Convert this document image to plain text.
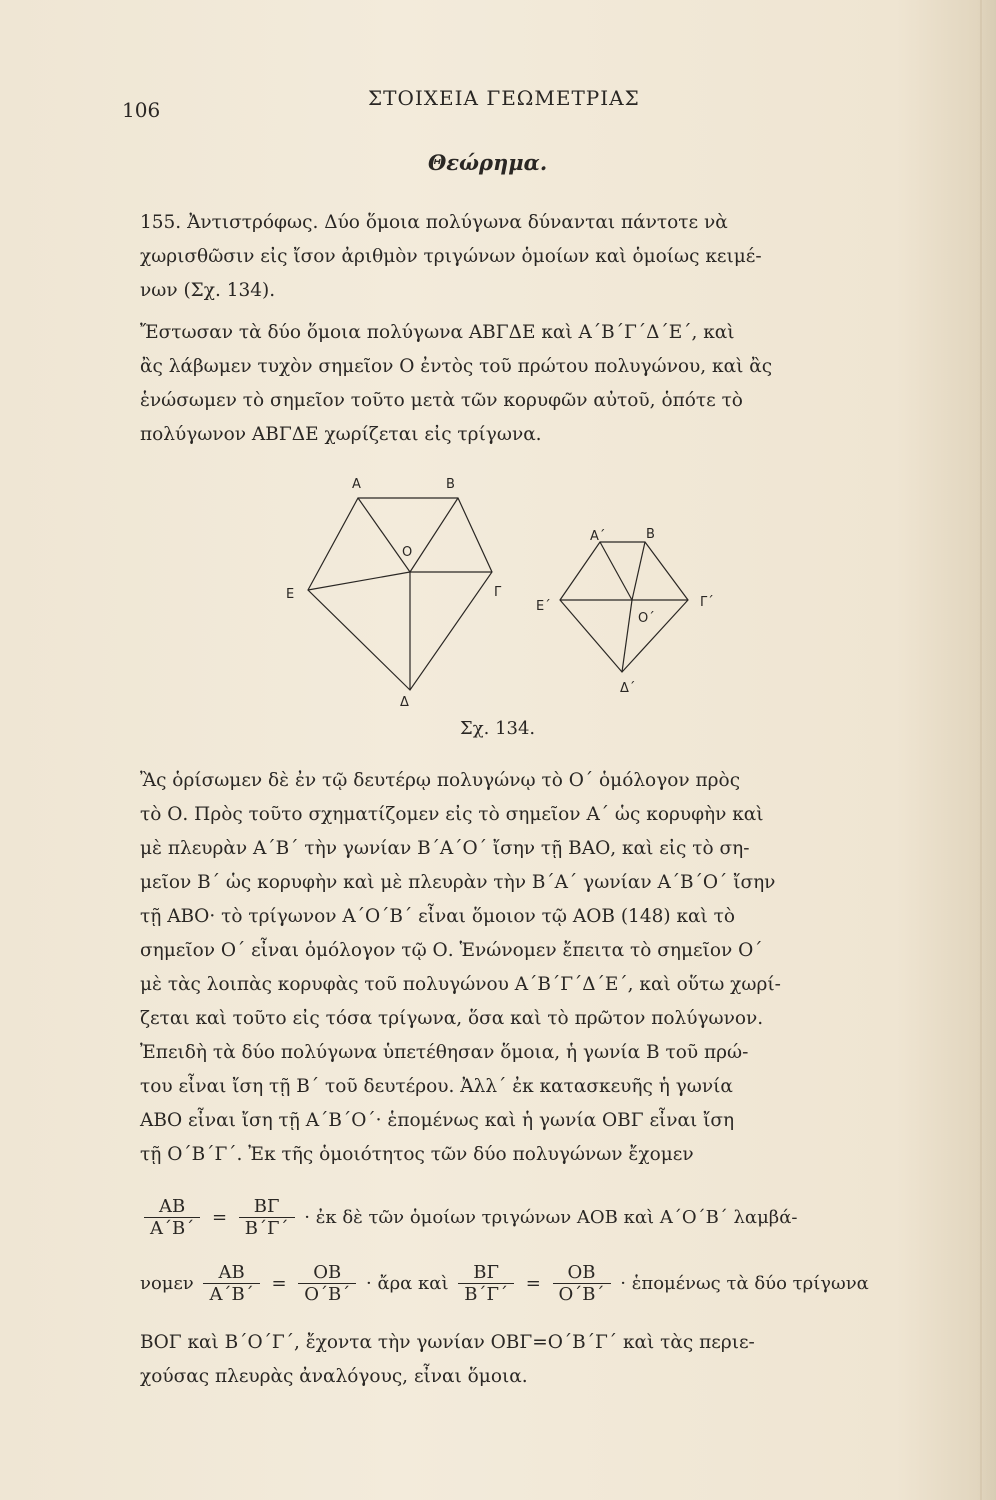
106	ΣΤΟΙΧΕΙΑ ΓΕΩΜΕΤΡΙΑΣ
Θεώρημα.
155. Ἀντιστρόφως. Δύο ὅμοια πολύγωνα δύνανται πάντοτε νὰ
χωρισθῶσιν εἰς ἴσον ἀριθμὸν τριγώνων ὁμοίων καὶ ὁμοίως κειμέ-
νων (Σχ. 134).
Ἔστωσαν τὰ δύο ὅμοια πολύγωνα ΑΒΓΔΕ καὶ Α΄Β΄Γ΄Δ΄Ε΄, καὶ
ἂς λάβωμεν τυχὸν σημεῖον Ο ἐντὸς τοῦ πρώτου πολυγώνου, καὶ ἂς
ἑνώσωμεν τὸ σημεῖον τοῦτο μετὰ τῶν κορυφῶν αὐτοῦ, ὁπότε τὸ
πολύγωνον ΑΒΓΔΕ χωρίζεται εἰς τρίγωνα.
Α	Β
Ο
Ε	Γ
Δ
Α΄	Β
Ε΄
Ο΄
Γ΄
Δ΄
Σχ. 134.
Ἂς ὁρίσωμεν δὲ ἐν τῷ δευτέρῳ πολυγώνῳ τὸ Ο΄ ὁμόλογον πρὸς
τὸ Ο. Πρὸς τοῦτο σχηματίζομεν εἰς τὸ σημεῖον Α΄ ὡς κορυφὴν καὶ
μὲ πλευρὰν Α΄Β΄ τὴν γωνίαν Β΄Α΄Ο΄ ἴσην τῇ ΒΑΟ, καὶ εἰς τὸ ση-
μεῖον Β΄ ὡς κορυφὴν καὶ μὲ πλευρὰν τὴν Β΄Α΄ γωνίαν Α΄Β΄Ο΄ ἴσην
τῇ ΑΒΟ· τὸ τρίγωνον Α΄Ο΄Β΄ εἶναι ὅμοιον τῷ ΑΟΒ (148) καὶ τὸ
σημεῖον Ο΄ εἶναι ὁμόλογον τῷ Ο. Ἑνώνομεν ἔπειτα τὸ σημεῖον Ο΄
μὲ τὰς λοιπὰς κορυφὰς τοῦ πολυγώνου Α΄Β΄Γ΄Δ΄Ε΄, καὶ οὕτω χωρί-
ζεται καὶ τοῦτο εἰς τόσα τρίγωνα, ὅσα καὶ τὸ πρῶτον πολύγωνον.
Ἐπειδὴ τὰ δύο πολύγωνα ὑπετέθησαν ὅμοια, ἡ γωνία Β τοῦ πρώ-
του εἶναι ἴση τῇ Β΄ τοῦ δευτέρου. Ἀλλ΄ ἐκ κατασκευῆς ἡ γωνία
ΑΒΟ εἶναι ἴση τῇ Α΄Β΄Ο΄· ἑπομένως καὶ ἡ γωνία ΟΒΓ εἶναι ἴση
τῇ Ο΄Β΄Γ΄. Ἐκ τῆς ὁμοιότητος τῶν δύο πολυγώνων ἔχομεν
$\frac{AB}{A΄B΄} = \frac{B\Gamma}{B΄\Gamma΄}$ · ἐκ δὲ τῶν ὁμοίων τριγώνων ΑΟΒ καὶ Α΄Ο΄Β΄ λαμβά-
νομεν $\frac{AB}{A΄B΄} = \frac{OB}{O΄B΄}$ · ἄρα καὶ $\frac{B\Gamma}{B΄\Gamma΄} = \frac{OB}{O΄B΄}$ · ἑπομένως τὰ δύο τρίγωνα
ΒΟΓ καὶ Β΄Ο΄Γ΄, ἔχοντα τὴν γωνίαν ΟΒΓ=Ο΄Β΄Γ΄ καὶ τὰς περιε-
χούσας πλευρὰς ἀναλόγους, εἶναι ὅμοια.
